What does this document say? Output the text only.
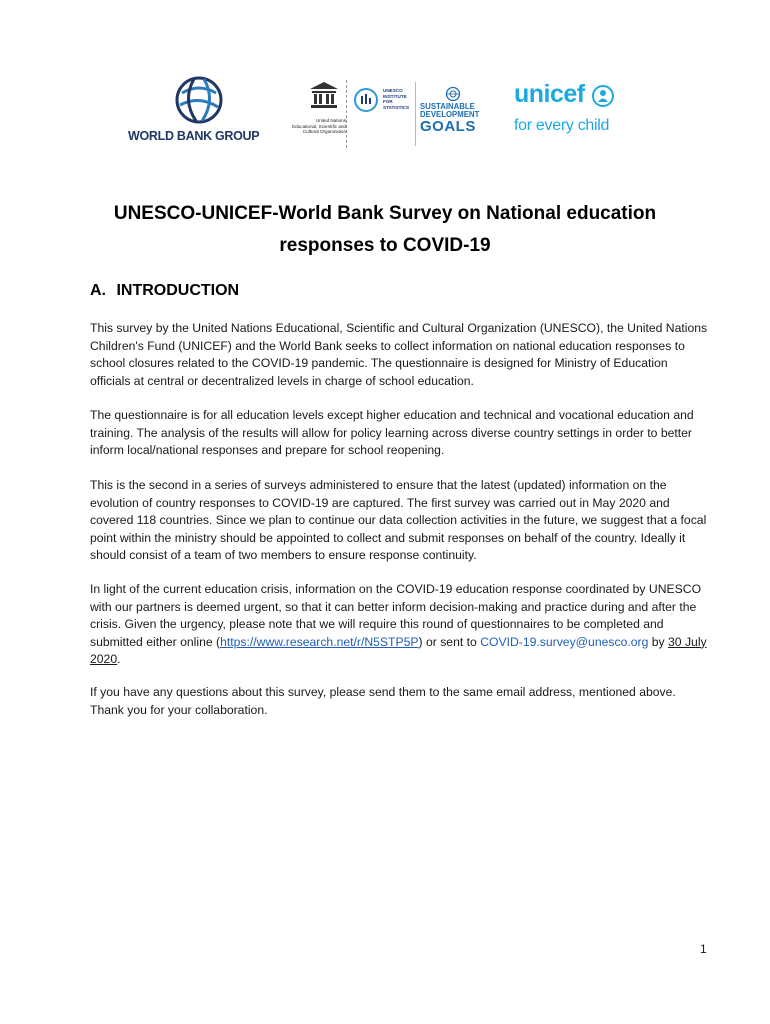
WORLD BANK GROUP
United Nations
Educational, Scientific and
Cultural Organization
UNESCO
INSTITUTE
FOR
STATISTICS SUSTAINABLE
DEVELOPMENT
GOALS
unicef
for every child
UNESCO-UNICEF-World Bank Survey on National education
responses to COVID-19
A. INTRODUCTION
This survey by the United Nations Educational, Scientific and Cultural Organization (UNESCO), the United Nations Children's Fund (UNICEF) and the World Bank seeks to collect information on national education responses to school closures related to the COVID-19 pandemic. The questionnaire is designed for Ministry of Education officials at central or decentralized levels in charge of school education.
The questionnaire is for all education levels except higher education and technical and vocational education and training. The analysis of the results will allow for policy learning across diverse country settings in order to better inform local/national responses and prepare for school reopening.
This is the second in a series of surveys administered to ensure that the latest (updated) information on the evolution of country responses to COVID-19 are captured. The first survey was carried out in May 2020 and covered 118 countries. Since we plan to continue our data collection activities in the future, we suggest that a focal point within the ministry should be appointed to collect and submit responses on behalf of the country. Ideally it should consist of a team of two members to ensure response continuity.
In light of the current education crisis, information on the COVID-19 education response coordinated by UNESCO with our partners is deemed urgent, so that it can better inform decision-making and practice during and after the crisis. Given the urgency, please note that we will require this round of questionnaires to be completed and submitted either online (https://www.research.net/r/N5STP5P) or sent to COVID-19.survey@unesco.org by 30 July 2020.
If you have any questions about this survey, please send them to the same email address, mentioned above. Thank you for your collaboration.
1
